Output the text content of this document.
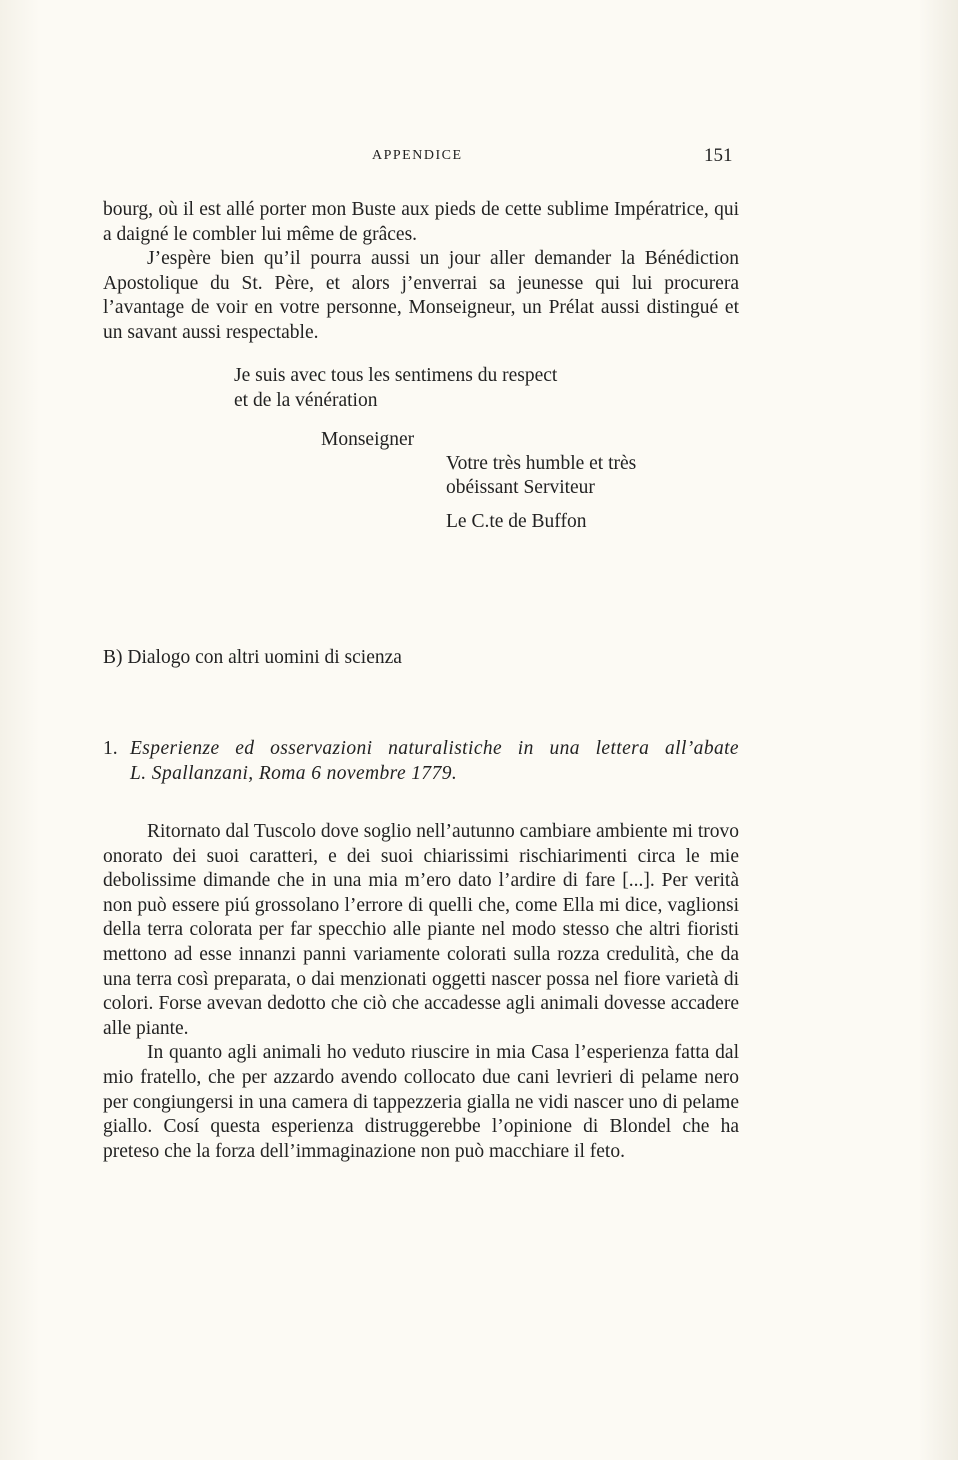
APPENDICE	151

bourg, où il est allé porter mon Buste aux pieds de cette sublime Impératrice, qui a daigné le combler lui même de grâces.

J’espère bien qu’il pourra aussi un jour aller demander la Bénédiction Apostolique du St. Père, et alors j’enverrai sa jeunesse qui lui procurera l’avantage de voir en votre personne, Monseigneur, un Prélat aussi distingué et un savant aussi respectable.

Je suis avec tous les sentimens du respect
et de la vénération
Monseigner
Votre très humble et très
obéissant Serviteur
Le C.te de Buffon
B) Dialogo con altri uomini di scienza
1. Esperienze ed osservazioni naturalistiche in una lettera all’abate
L. Spallanzani, Roma 6 novembre 1779.

Ritornato dal Tuscolo dove soglio nell’autunno cambiare ambiente mi trovo onorato dei suoi caratteri, e dei suoi chiarissimi rischiarimenti circa le mie debolissime dimande che in una mia m’ero dato l’ardire di fare [...]. Per verità non può essere piú grossolano l’errore di quelli che, come Ella mi dice, vaglionsi della terra colorata per far specchio alle piante nel modo stesso che altri fioristi mettono ad esse innanzi panni variamente colorati sulla rozza credulità, che da una terra così preparata, o dai menzionati oggetti nascer possa nel fiore varietà di colori. Forse avevan dedotto che ciò che accadesse agli animali dovesse accadere alle piante.

In quanto agli animali ho veduto riuscire in mia Casa l’esperienza fatta dal mio fratello, che per azzardo avendo collocato due cani levrieri di pelame nero per congiungersi in una camera di tappezzeria gialla ne vidi nascer uno di pelame giallo. Cosí questa esperienza distruggerebbe l’opinione di Blondel che ha preteso che la forza dell’immaginazione non può macchiare il feto.
